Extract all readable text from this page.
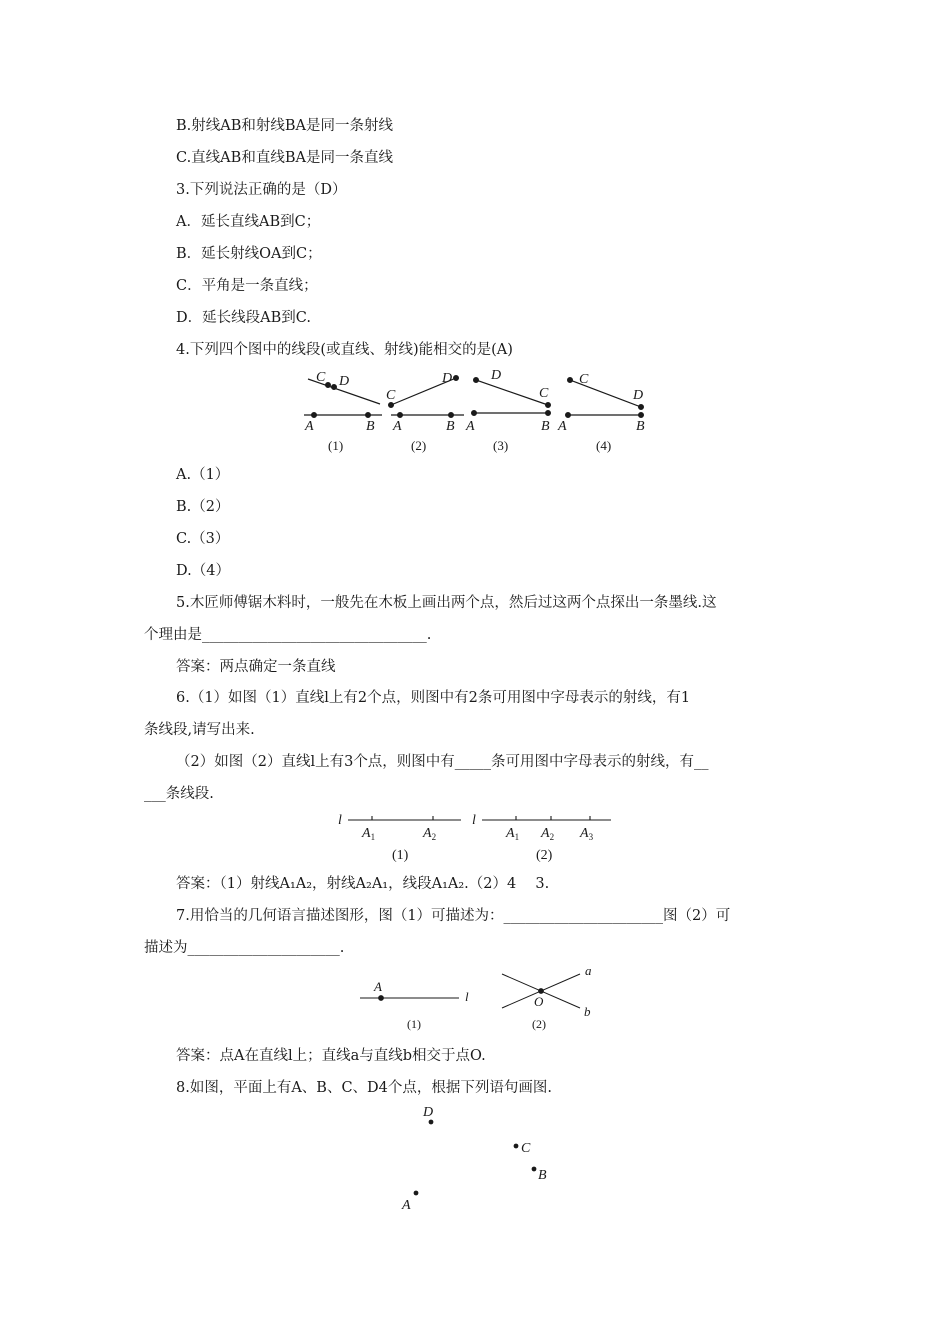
B.射线AB和射线BA是同一条射线
C.直线AB和直线BA是同一条直线
3.下列说法正确的是（D）
A．延长直线AB到C；
B．延长射线OA到C；
C．平角是一条直线；
D．延长线段AB到C.
4.下列四个图中的线段(或直线、射线)能相交的是(A)
C D
A	B
(1)
C
D
A	B
(2)
D
C
A	B
(3)
C
D
A	B
(4)
A.（1）
B.（2）
C.（3）
D.（4）
5.木匠师傅锯木料时，一般先在木板上画出两个点，然后过这两个点探出一条墨线.这
个理由是_______________________________.
答案：两点确定一条直线
6.（1）如图（1）直线l上有2个点，则图中有2条可用图中字母表示的射线，有1
条线段,请写出来.
（2）如图（2）直线l上有3个点，则图中有_____条可用图中字母表示的射线，有__
___条线段.
l
$A_1$	$A_2$
(1)
l
$A_1$ $A_2$ $A_3$
(2)
答案：（1）射线A₁A₂，射线A₂A₁，线段A₁A₂.（2）4　 3.
7.用恰当的几何语言描述图形，图（1）可描述为：______________________图（2）可
描述为_____________________.
A
l
(1)
a
b
O
(2)
答案：点A在直线l上；直线a与直线b相交于点O.
8.如图，平面上有A、B、C、D4个点，根据下列语句画图.
D
C
B
A
